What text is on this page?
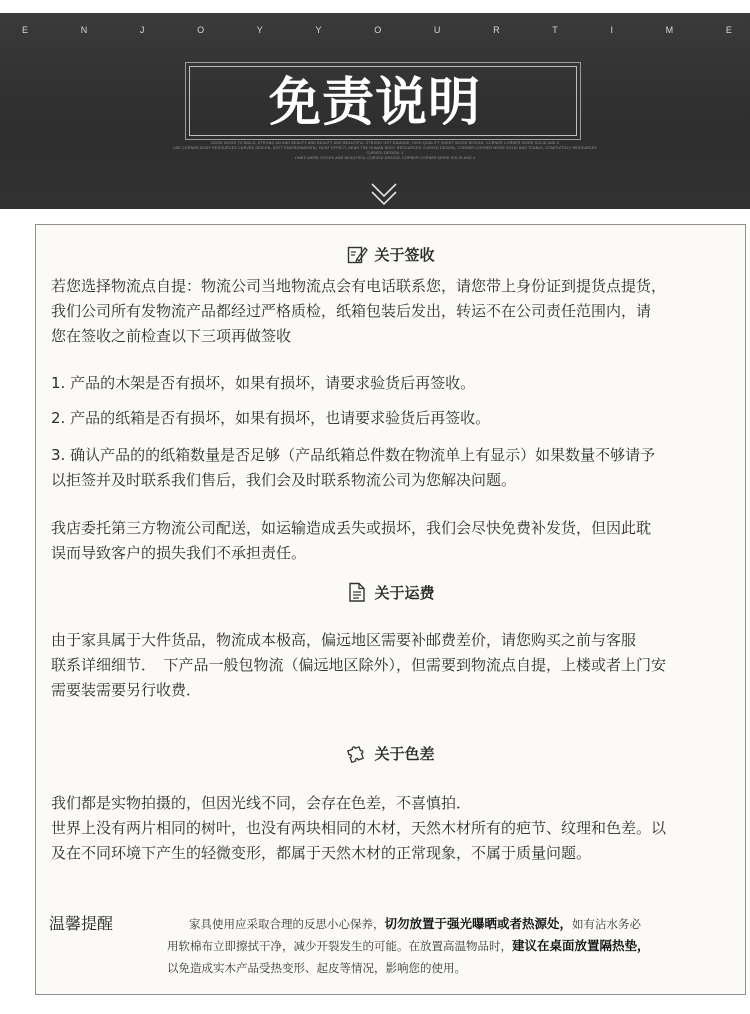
E	N	J	O	Y	Y	O	U	R	T	I	M	E
免责说明
GOOD WOOD TO BUILD, STRONG AN AND BEAUTY AND BEAUTY AND BEAUTIFUL STRONG HOT DAMAGE, HIGH QUALITY SHEET WOOD DESIGN, CORNER CORNER MORE SOLID AND 4
USE CORNER BODY RESOURCES CURVED DESIGN, SOFT ENVIRONMENTAL PAINT EFFECT, NEAR THE HUMAN BODY RESOURCES CURVED DESIGN, CORNER CORNER MORE SOLID AND STABLE, COMPLETELY RESOURCES CURVED DESIGN, 1
LINES WERE STICKS AND BEAUTIFUL CURVED DESIGN, CORNER CORNER MORE SOLID AND 4
关于签收
若您选择物流点自提：物流公司当地物流点会有电话联系您，请您带上身份证到提货点提货，
我们公司所有发物流产品都经过严格质检，纸箱包装后发出，转运不在公司责任范围内，请
您在签收之前检查以下三项再做签收
1. 产品的木架是否有损坏，如果有损坏，请要求验货后再签收。
2. 产品的纸箱是否有损坏，如果有损坏，也请要求验货后再签收。
3. 确认产品的的纸箱数量是否足够（产品纸箱总件数在物流单上有显示）如果数量不够请予
以拒签并及时联系我们售后，我们会及时联系物流公司为您解决问题。
我店委托第三方物流公司配送，如运输造成丢失或损坏，我们会尽快免费补发货，但因此耽
误而导致客户的损失我们不承担责任。
关于运费
由于家具属于大件货品，物流成本极高，偏远地区需要补邮费差价，请您购买之前与客服
联系详细细节．　下产品一般包物流（偏远地区除外），但需要到物流点自提，上楼或者上门安
需要装需要另行收费．
关于色差
我们都是实物拍摄的，但因光线不同，会存在色差，不喜慎拍．
世界上没有两片相同的树叶，也没有两块相同的木材，天然木材所有的疤节、纹理和色差。以
及在不同环境下产生的轻微变形，都属于天然木材的正常现象，不属于质量问题。
温馨提醒	家具使用应采取合理的反思小心保养，切勿放置于强光曝晒或者热源处，如有沾水务必
用软棉布立即擦拭干净，减少开裂发生的可能。在放置高温物品时，建议在桌面放置隔热垫，
以免造成实木产品受热变形、起皮等情况，影响您的使用。
